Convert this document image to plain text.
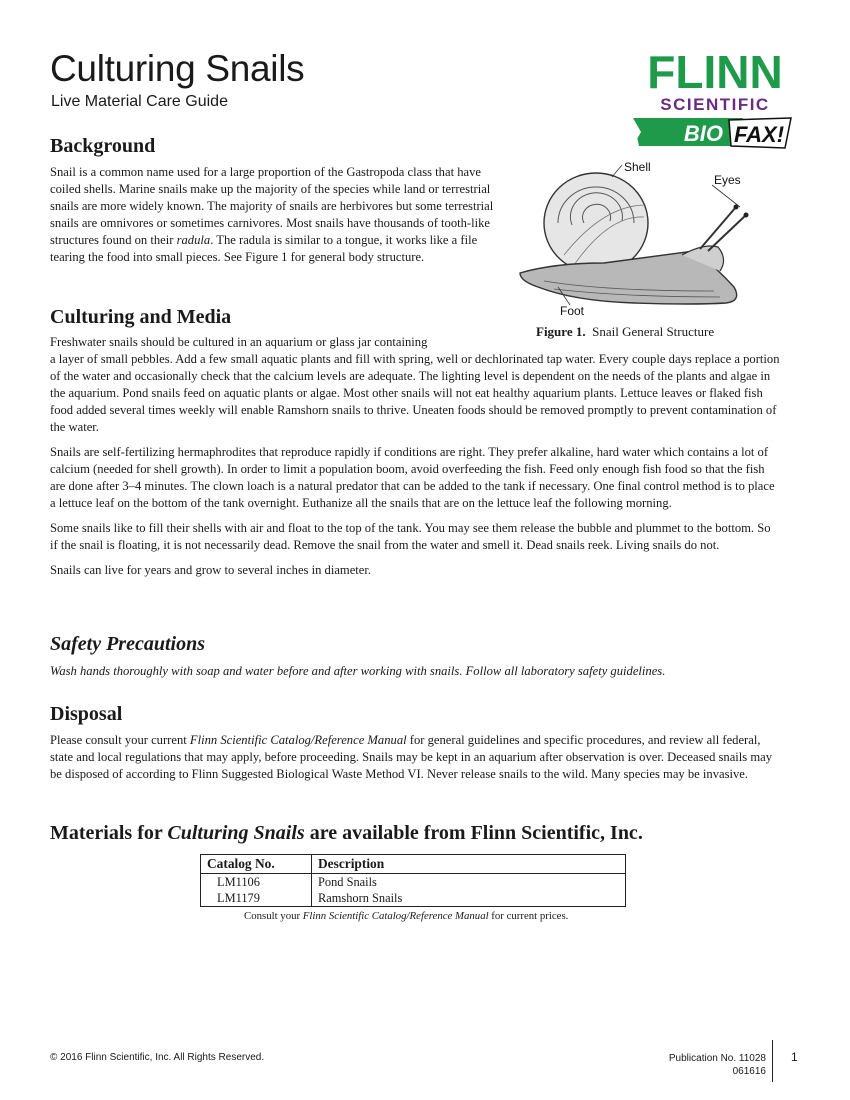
Culturing Snails
Live Material Care Guide
FLINN
SCIENTIFIC
BIO FAX!
Background

Snail is a common name used for a large proportion of the Gastropoda class that have coiled shells. Marine snails make up the majority of the species while land or terrestrial snails are more widely known. The majority of snails are herbivores but some terrestrial snails are omnivores or sometimes carnivores. Most snails have thousands of tooth-like structures found on their radula. The radula is similar to a tongue, it works like a file tearing the food into small pieces. See Figure 1 for general body structure.

Shell
Eyes
Foot
Figure 1. Snail General Structure
Culturing and Media

Freshwater snails should be cultured in an aquarium or glass jar containing
a layer of small pebbles. Add a few small aquatic plants and fill with spring, well or dechlorinated tap water. Every couple days replace a portion of the water and occasionally check that the calcium levels are adequate. The lighting level is dependent on the needs of the plants and algae in the aquarium. Pond snails feed on aquatic plants or algae. Most other snails will not eat healthy aquarium plants. Lettuce leaves or flaked fish food added several times weekly will enable Ramshorn snails to thrive. Uneaten foods should be removed promptly to prevent contamination of the water.

Snails are self-fertilizing hermaphrodites that reproduce rapidly if conditions are right. They prefer alkaline, hard water which contains a lot of calcium (needed for shell growth). In order to limit a population boom, avoid overfeeding the fish. Feed only enough fish food so that the fish are done after 3–4 minutes. The clown loach is a natural predator that can be added to the tank if necessary. One final control method is to place a lettuce leaf on the bottom of the tank overnight. Euthanize all the snails that are on the lettuce leaf the following morning.

Some snails like to fill their shells with air and float to the top of the tank. You may see them release the bubble and plummet to the bottom. So if the snail is floating, it is not necessarily dead. Remove the snail from the water and smell it. Dead snails reek. Living snails do not.

Snails can live for years and grow to several inches in diameter.

Safety Precautions

Wash hands thoroughly with soap and water before and after working with snails. Follow all laboratory safety guidelines.

Disposal

Please consult your current Flinn Scientific Catalog/Reference Manual for general guidelines and specific procedures, and review all federal, state and local regulations that may apply, before proceeding. Snails may be kept in an aquarium after observation is over. Deceased snails may be disposed of according to Flinn Suggested Biological Waste Method VI. Never release snails to the wild. Many species may be invasive.

Materials for Culturing Snails are available from Flinn Scientific, Inc.
Catalog No.	Description
LM1106	Pond Snails
LM1179	Ramshorn Snails
Consult your Flinn Scientific Catalog/Reference Manual for current prices.
© 2016 Flinn Scientific, Inc. All Rights Reserved.	Publication No. 11028
061616
1
